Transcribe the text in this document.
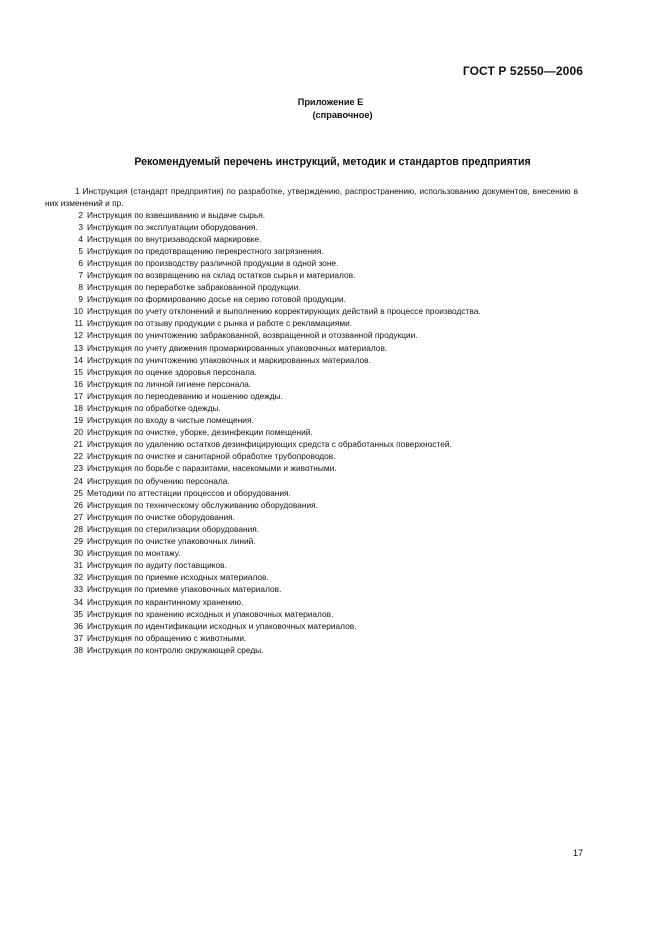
ГОСТ Р 52550—2006
Приложение Е
(справочное)
Рекомендуемый перечень инструкций, методик и стандартов предприятия
1 Инструкция (стандарт предприятия) по разработке, утверждению, распространению, использованию документов, внесению в них изменений и пр.
2 Инструкция по взвешиванию и выдаче сырья.
3 Инструкция по эксплуатации оборудования.
4 Инструкция по внутризаводской маркировке.
5 Инструкция по предотвращению перекрестного загрязнения.
6 Инструкция по производству различной продукции в одной зоне.
7 Инструкция по возвращению на склад остатков сырья и материалов.
8 Инструкция по переработке забракованной продукции.
9 Инструкция по формированию досье на серию готовой продукции.
10 Инструкция по учету отклонений и выполнению корректирующих действий в процессе производства.
11 Инструкция по отзыву продукции с рынка и работе с рекламациями.
12 Инструкция по уничтожению забракованной, возвращенной и отозванной продукции.
13 Инструкция по учету движения промаркированных упаковочных материалов.
14 Инструкция по уничтожению упаковочных и маркированных материалов.
15 Инструкция по оценке здоровья персонала.
16 Инструкция по личной гигиене персонала.
17 Инструкция по переодеванию и ношению одежды.
18 Инструкция по обработке одежды.
19 Инструкция по входу в чистые помещения.
20 Инструкция по очистке, уборке, дезинфекции помещений.
21 Инструкция по удалению остатков дезинфицирующих средств с обработанных поверхностей.
22 Инструкция по очистке и санитарной обработке трубопроводов.
23 Инструкция по борьбе с паразитами, насекомыми и животными.
24 Инструкция по обучению персонала.
25 Методики по аттестации процессов и оборудования.
26 Инструкция по техническому обслуживанию оборудования.
27 Инструкция по очистке оборудования.
28 Инструкция по стерилизации оборудования.
29 Инструкция по очистке упаковочных линий.
30 Инструкция по монтажу.
31 Инструкция по аудиту поставщиков.
32 Инструкция по приемке исходных материалов.
33 Инструкция по приемке упаковочных материалов.
34 Инструкция по карантинному хранению.
35 Инструкция по хранению исходных и упаковочных материалов.
36 Инструкция по идентификации исходных и упаковочных материалов.
37 Инструкция по обращению с животными.
38 Инструкция по контролю окружающей среды.
17
